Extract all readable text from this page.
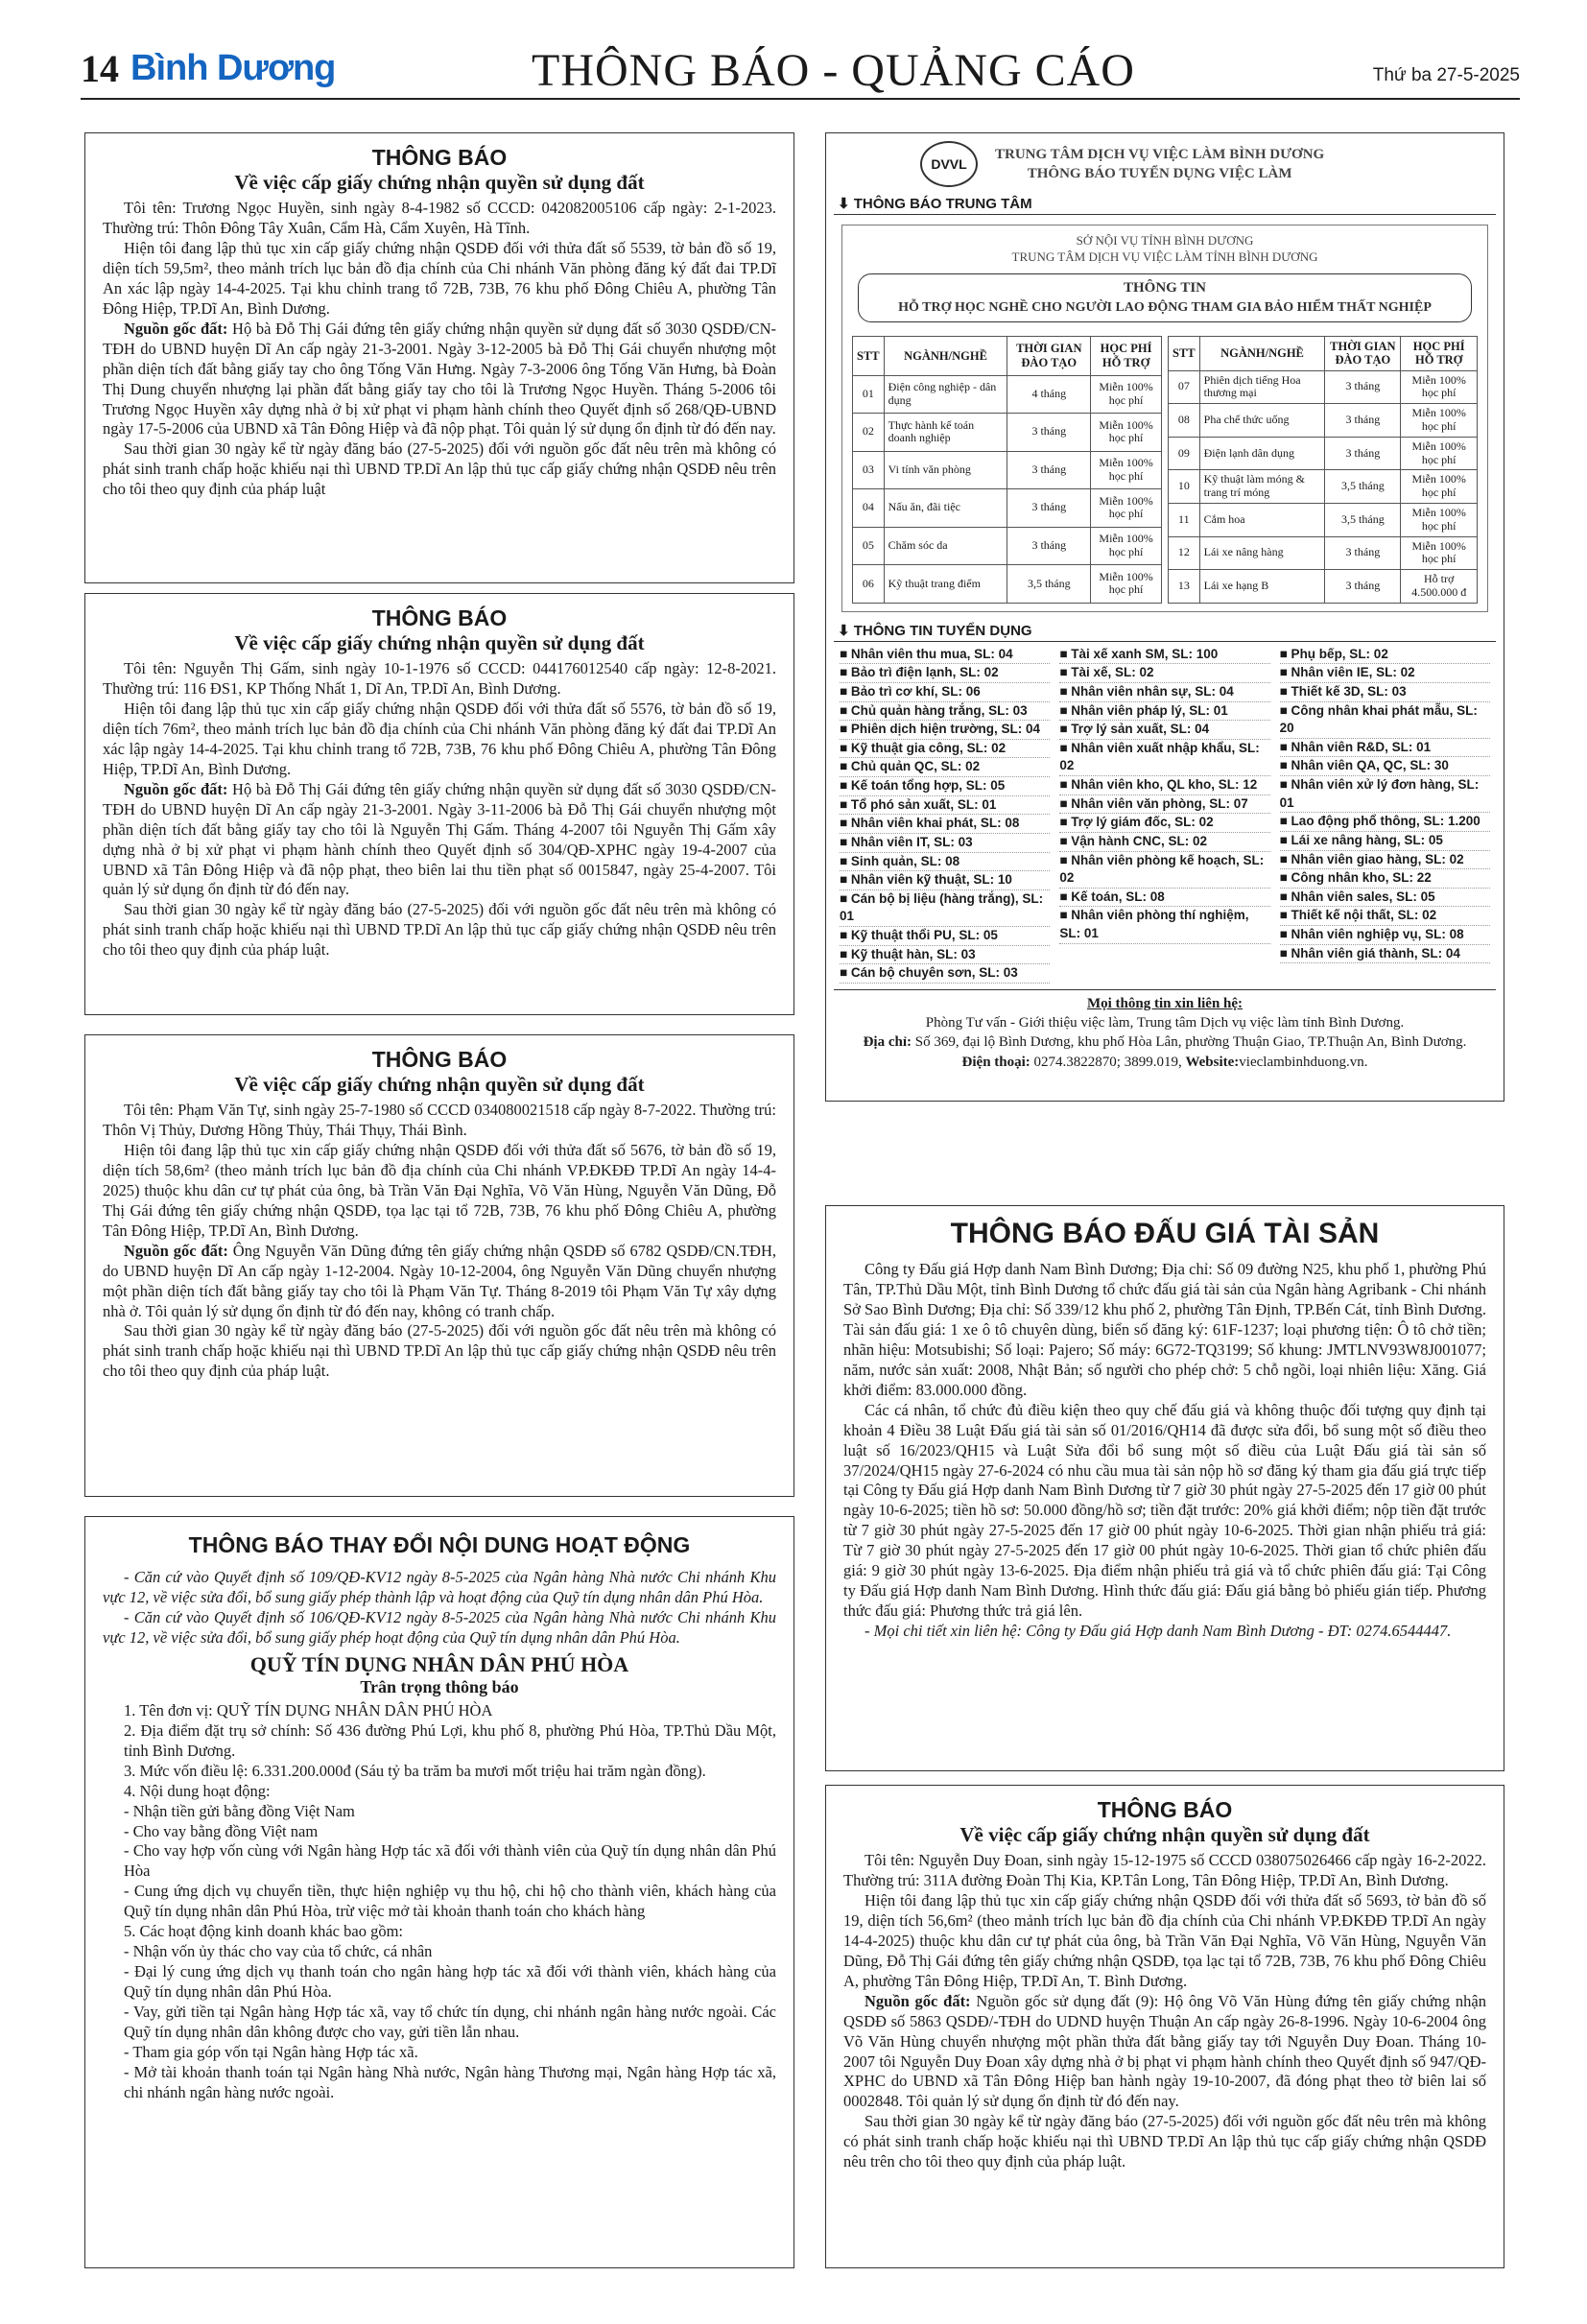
14 Bình Dương	THÔNG BÁO - QUẢNG CÁO	Thứ ba 27-5-2025
THÔNG BÁO
Về việc cấp giấy chứng nhận quyền sử dụng đất

Tôi tên: Trương Ngọc Huyền, sinh ngày 8-4-1982 số CCCD: 042082005106 cấp ngày: 2-1-2023. Thường trú: Thôn Đông Tây Xuân, Cẩm Hà, Cẩm Xuyên, Hà Tĩnh.

Hiện tôi đang lập thủ tục xin cấp giấy chứng nhận QSDĐ đối với thửa đất số 5539, tờ bản đồ số 19, diện tích 59,5m², theo mảnh trích lục bản đồ địa chính của Chi nhánh Văn phòng đăng ký đất đai TP.Dĩ An xác lập ngày 14-4-2025. Tại khu chỉnh trang tổ 72B, 73B, 76 khu phố Đông Chiêu A, phường Tân Đông Hiệp, TP.Dĩ An, Bình Dương.

Nguồn gốc đất: Hộ bà Đỗ Thị Gái đứng tên giấy chứng nhận quyền sử dụng đất số 3030 QSDĐ/CN-TĐH do UBND huyện Dĩ An cấp ngày 21-3-2001. Ngày 3-12-2005 bà Đỗ Thị Gái chuyển nhượng một phần diện tích đất bằng giấy tay cho ông Tống Văn Hưng. Ngày 7-3-2006 ông Tống Văn Hưng, bà Đoàn Thị Dung chuyển nhượng lại phần đất bằng giấy tay cho tôi là Trương Ngọc Huyền. Tháng 5-2006 tôi Trương Ngọc Huyền xây dựng nhà ở bị xử phạt vi phạm hành chính theo Quyết định số 268/QĐ-UBND ngày 17-5-2006 của UBND xã Tân Đông Hiệp và đã nộp phạt. Tôi quản lý sử dụng ổn định từ đó đến nay.

Sau thời gian 30 ngày kể từ ngày đăng báo (27-5-2025) đối với nguồn gốc đất nêu trên mà không có phát sinh tranh chấp hoặc khiếu nại thì UBND TP.Dĩ An lập thủ tục cấp giấy chứng nhận QSDĐ nêu trên cho tôi theo quy định của pháp luật

THÔNG BÁO
Về việc cấp giấy chứng nhận quyền sử dụng đất

Tôi tên: Nguyễn Thị Gấm, sinh ngày 10-1-1976 số CCCD: 044176012540 cấp ngày: 12-8-2021. Thường trú: 116 ĐS1, KP Thống Nhất 1, Dĩ An, TP.Dĩ An, Bình Dương.

Hiện tôi đang lập thủ tục xin cấp giấy chứng nhận QSDĐ đối với thửa đất số 5576, tờ bản đồ số 19, diện tích 76m², theo mảnh trích lục bản đồ địa chính của Chi nhánh Văn phòng đăng ký đất đai TP.Dĩ An xác lập ngày 14-4-2025. Tại khu chỉnh trang tổ 72B, 73B, 76 khu phố Đông Chiêu A, phường Tân Đông Hiệp, TP.Dĩ An, Bình Dương.

Nguồn gốc đất: Hộ bà Đỗ Thị Gái đứng tên giấy chứng nhận quyền sử dụng đất số 3030 QSDĐ/CN-TĐH do UBND huyện Dĩ An cấp ngày 21-3-2001. Ngày 3-11-2006 bà Đỗ Thị Gái chuyển nhượng một phần diện tích đất bằng giấy tay cho tôi là Nguyễn Thị Gấm. Tháng 4-2007 tôi Nguyễn Thị Gấm xây dựng nhà ở bị xử phạt vi phạm hành chính theo Quyết định số 304/QĐ-XPHC ngày 19-4-2007 của UBND xã Tân Đông Hiệp và đã nộp phạt, theo biên lai thu tiền phạt số 0015847, ngày 25-4-2007. Tôi quản lý sử dụng ổn định từ đó đến nay.

Sau thời gian 30 ngày kể từ ngày đăng báo (27-5-2025) đối với nguồn gốc đất nêu trên mà không có phát sinh tranh chấp hoặc khiếu nại thì UBND TP.Dĩ An lập thủ tục cấp giấy chứng nhận QSDĐ nêu trên cho tôi theo quy định của pháp luật.

THÔNG BÁO
Về việc cấp giấy chứng nhận quyền sử dụng đất

Tôi tên: Phạm Văn Tự, sinh ngày 25-7-1980 số CCCD 034080021518 cấp ngày 8-7-2022. Thường trú: Thôn Vị Thủy, Dương Hồng Thủy, Thái Thụy, Thái Bình.

Hiện tôi đang lập thủ tục xin cấp giấy chứng nhận QSDĐ đối với thửa đất số 5676, tờ bản đồ số 19, diện tích 58,6m² (theo mảnh trích lục bản đồ địa chính của Chi nhánh VP.ĐKĐĐ TP.Dĩ An ngày 14-4-2025) thuộc khu dân cư tự phát của ông, bà Trần Văn Đại Nghĩa, Võ Văn Hùng, Nguyễn Văn Dũng, Đỗ Thị Gái đứng tên giấy chứng nhận QSDĐ, tọa lạc tại tổ 72B, 73B, 76 khu phố Đông Chiêu A, phường Tân Đông Hiệp, TP.Dĩ An, Bình Dương.

Nguồn gốc đất: Ông Nguyễn Văn Dũng đứng tên giấy chứng nhận QSDĐ số 6782 QSDĐ/CN.TĐH, do UBND huyện Dĩ An cấp ngày 1-12-2004. Ngày 10-12-2004, ông Nguyễn Văn Dũng chuyển nhượng một phần diện tích đất bằng giấy tay cho tôi là Phạm Văn Tự. Tháng 8-2019 tôi Phạm Văn Tự xây dựng nhà ở. Tôi quản lý sử dụng ổn định từ đó đến nay, không có tranh chấp.

Sau thời gian 30 ngày kể từ ngày đăng báo (27-5-2025) đối với nguồn gốc đất nêu trên mà không có phát sinh tranh chấp hoặc khiếu nại thì UBND TP.Dĩ An lập thủ tục cấp giấy chứng nhận QSDĐ nêu trên cho tôi theo quy định của pháp luật.

THÔNG BÁO THAY ĐỔI NỘI DUNG HOẠT ĐỘNG

- Căn cứ vào Quyết định số 109/QĐ-KV12 ngày 8-5-2025 của Ngân hàng Nhà nước Chi nhánh Khu vực 12, về việc sửa đổi, bổ sung giấy phép thành lập và hoạt động của Quỹ tín dụng nhân dân Phú Hòa.

- Căn cứ vào Quyết định số 106/QĐ-KV12 ngày 8-5-2025 của Ngân hàng Nhà nước Chi nhánh Khu vực 12, về việc sửa đổi, bổ sung giấy phép hoạt động của Quỹ tín dụng nhân dân Phú Hòa.

QUỸ TÍN DỤNG NHÂN DÂN PHÚ HÒA
Trân trọng thông báo

1. Tên đơn vị: QUỸ TÍN DỤNG NHÂN DÂN PHÚ HÒA

2. Địa điểm đặt trụ sở chính: Số 436 đường Phú Lợi, khu phố 8, phường Phú Hòa, TP.Thủ Dầu Một, tỉnh Bình Dương.

3. Mức vốn điều lệ: 6.331.200.000đ (Sáu tỷ ba trăm ba mươi mốt triệu hai trăm ngàn đồng).

4. Nội dung hoạt động:

- Nhận tiền gửi bằng đồng Việt Nam

- Cho vay bằng đồng Việt nam

- Cho vay hợp vốn cùng với Ngân hàng Hợp tác xã đối với thành viên của Quỹ tín dụng nhân dân Phú Hòa

- Cung ứng dịch vụ chuyển tiền, thực hiện nghiệp vụ thu hộ, chi hộ cho thành viên, khách hàng của Quỹ tín dụng nhân dân Phú Hòa, trừ việc mở tài khoản thanh toán cho khách hàng

5. Các hoạt động kinh doanh khác bao gồm:

- Nhận vốn ủy thác cho vay của tổ chức, cá nhân

- Đại lý cung ứng dịch vụ thanh toán cho ngân hàng hợp tác xã đối với thành viên, khách hàng của Quỹ tín dụng nhân dân Phú Hòa.

- Vay, gửi tiền tại Ngân hàng Hợp tác xã, vay tổ chức tín dụng, chi nhánh ngân hàng nước ngoài. Các Quỹ tín dụng nhân dân không được cho vay, gửi tiền lẫn nhau.

- Tham gia góp vốn tại Ngân hàng Hợp tác xã.

- Mở tài khoản thanh toán tại Ngân hàng Nhà nước, Ngân hàng Thương mại, Ngân hàng Hợp tác xã, chi nhánh ngân hàng nước ngoài.

DVVL
TRUNG TÂM DỊCH VỤ VIỆC LÀM BÌNH DƯƠNG
THÔNG BÁO TUYỂN DỤNG VIỆC LÀM
⬇ THÔNG BÁO TRUNG TÂM
SỞ NỘI VỤ TỈNH BÌNH DƯƠNG
TRUNG TÂM DỊCH VỤ VIỆC LÀM TỈNH BÌNH DƯƠNG
THÔNG TIN
HỖ TRỢ HỌC NGHỀ CHO NGƯỜI LAO ĐỘNG THAM GIA BẢO HIỂM THẤT NGHIỆP
STT	NGÀNH/NGHỀ	THỜI GIAN ĐÀO TẠO	HỌC PHÍ HỖ TRỢ
01	Điện công nghiệp - dân dụng	4 tháng	Miễn 100% học phí
02	Thực hành kế toán doanh nghiệp	3 tháng	Miễn 100% học phí
03	Vi tính văn phòng	3 tháng	Miễn 100% học phí
04	Nấu ăn, đãi tiệc	3 tháng	Miễn 100% học phí
05	Chăm sóc da	3 tháng	Miễn 100% học phí
06	Kỹ thuật trang điểm	3,5 tháng	Miễn 100% học phí
STT	NGÀNH/NGHỀ	THỜI GIAN ĐÀO TẠO	HỌC PHÍ HỖ TRỢ
07	Phiên dịch tiếng Hoa thương mại	3 tháng	Miễn 100% học phí
08	Pha chế thức uống	3 tháng	Miễn 100% học phí
09	Điện lạnh dân dụng	3 tháng	Miễn 100% học phí
10	Kỹ thuật làm móng & trang trí móng	3,5 tháng	Miễn 100% học phí
11	Cắm hoa	3,5 tháng	Miễn 100% học phí
12	Lái xe nâng hàng	3 tháng	Miễn 100% học phí
13	Lái xe hạng B	3 tháng	Hỗ trợ 4.500.000 đ
⬇ THÔNG TIN TUYỂN DỤNG
■ Nhân viên thu mua, SL: 04
■ Bảo trì điện lạnh, SL: 02
■ Bảo trì cơ khí, SL: 06
■ Chủ quản hàng trắng, SL: 03
■ Phiên dịch hiện trường, SL: 04
■ Kỹ thuật gia công, SL: 02
■ Chủ quản QC, SL: 02
■ Kế toán tổng hợp, SL: 05
■ Tổ phó sản xuất, SL: 01
■ Nhân viên khai phát, SL: 08
■ Nhân viên IT, SL: 03
■ Sinh quản, SL: 08
■ Nhân viên kỹ thuật, SL: 10
■ Cán bộ bị liệu (hàng trắng), SL: 01
■ Kỹ thuật thổi PU, SL: 05
■ Kỹ thuật hàn, SL: 03
■ Cán bộ chuyên sơn, SL: 03
■ Tài xế xanh SM, SL: 100
■ Tài xế, SL: 02
■ Nhân viên nhân sự, SL: 04
■ Nhân viên pháp lý, SL: 01
■ Trợ lý sản xuất, SL: 04
■ Nhân viên xuất nhập khẩu, SL: 02
■ Nhân viên kho, QL kho, SL: 12
■ Nhân viên văn phòng, SL: 07
■ Trợ lý giám đốc, SL: 02
■ Vận hành CNC, SL: 02
■ Nhân viên phòng kế hoạch, SL: 02
■ Kế toán, SL: 08
■ Nhân viên phòng thí nghiệm, SL: 01
■ Phụ bếp, SL: 02
■ Nhân viên IE, SL: 02
■ Thiết kế 3D, SL: 03
■ Công nhân khai phát mẫu, SL: 20
■ Nhân viên R&D, SL: 01
■ Nhân viên QA, QC, SL: 30
■ Nhân viên xử lý đơn hàng, SL: 01
■ Lao động phổ thông, SL: 1.200
■ Lái xe nâng hàng, SL: 05
■ Nhân viên giao hàng, SL: 02
■ Công nhân kho, SL: 22
■ Nhân viên sales, SL: 05
■ Thiết kế nội thất, SL: 02
■ Nhân viên nghiệp vụ, SL: 08
■ Nhân viên giá thành, SL: 04
Mọi thông tin xin liên hệ:
Phòng Tư vấn - Giới thiệu việc làm, Trung tâm Dịch vụ việc làm tỉnh Bình Dương.
Địa chỉ: Số 369, đại lộ Bình Dương, khu phố Hòa Lân, phường Thuận Giao, TP.Thuận An, Bình Dương.
Điện thoại: 0274.3822870; 3899.019, Website:vieclambinhduong.vn.
THÔNG BÁO ĐẤU GIÁ TÀI SẢN

Công ty Đấu giá Hợp danh Nam Bình Dương; Địa chỉ: Số 09 đường N25, khu phố 1, phường Phú Tân, TP.Thủ Dầu Một, tỉnh Bình Dương tổ chức đấu giá tài sản của Ngân hàng Agribank - Chi nhánh Sở Sao Bình Dương; Địa chỉ: Số 339/12 khu phố 2, phường Tân Định, TP.Bến Cát, tỉnh Bình Dương. Tài sản đấu giá: 1 xe ô tô chuyên dùng, biển số đăng ký: 61F-1237; loại phương tiện: Ô tô chở tiền; nhãn hiệu: Motsubishi; Số loại: Pajero; Số máy: 6G72-TQ3199; Số khung: JMTLNV93W8J001077; năm, nước sản xuất: 2008, Nhật Bản; số người cho phép chở: 5 chỗ ngồi, loại nhiên liệu: Xăng. Giá khởi điểm: 83.000.000 đồng.

Các cá nhân, tổ chức đủ điều kiện theo quy chế đấu giá và không thuộc đối tượng quy định tại khoản 4 Điều 38 Luật Đấu giá tài sản số 01/2016/QH14 đã được sửa đổi, bổ sung một số điều theo luật số 16/2023/QH15 và Luật Sửa đổi bổ sung một số điều của Luật Đấu giá tài sản số 37/2024/QH15 ngày 27-6-2024 có nhu cầu mua tài sản nộp hồ sơ đăng ký tham gia đấu giá trực tiếp tại Công ty Đấu giá Hợp danh Nam Bình Dương từ 7 giờ 30 phút ngày 27-5-2025 đến 17 giờ 00 phút ngày 10-6-2025; tiền hồ sơ: 50.000 đồng/hồ sơ; tiền đặt trước: 20% giá khởi điểm; nộp tiền đặt trước từ 7 giờ 30 phút ngày 27-5-2025 đến 17 giờ 00 phút ngày 10-6-2025. Thời gian nhận phiếu trả giá: Từ 7 giờ 30 phút ngày 27-5-2025 đến 17 giờ 00 phút ngày 10-6-2025. Thời gian tổ chức phiên đấu giá: 9 giờ 30 phút ngày 13-6-2025. Địa điểm nhận phiếu trả giá và tổ chức phiên đấu giá: Tại Công ty Đấu giá Hợp danh Nam Bình Dương. Hình thức đấu giá: Đấu giá bằng bỏ phiếu gián tiếp. Phương thức đấu giá: Phương thức trả giá lên.

- Mọi chi tiết xin liên hệ: Công ty Đấu giá Hợp danh Nam Bình Dương - ĐT: 0274.6544447.

THÔNG BÁO
Về việc cấp giấy chứng nhận quyền sử dụng đất

Tôi tên: Nguyễn Duy Đoan, sinh ngày 15-12-1975 số CCCD 038075026466 cấp ngày 16-2-2022. Thường trú: 311A đường Đoàn Thị Kia, KP.Tân Long, Tân Đông Hiệp, TP.Dĩ An, Bình Dương.

Hiện tôi đang lập thủ tục xin cấp giấy chứng nhận QSDĐ đối với thửa đất số 5693, tờ bản đồ số 19, diện tích 56,6m² (theo mảnh trích lục bản đồ địa chính của Chi nhánh VP.ĐKĐĐ TP.Dĩ An ngày 14-4-2025) thuộc khu dân cư tự phát của ông, bà Trần Văn Đại Nghĩa, Võ Văn Hùng, Nguyễn Văn Dũng, Đỗ Thị Gái đứng tên giấy chứng nhận QSDĐ, tọa lạc tại tổ 72B, 73B, 76 khu phố Đông Chiêu A, phường Tân Đông Hiệp, TP.Dĩ An, T. Bình Dương.

Nguồn gốc đất: Nguồn gốc sử dụng đất (9): Hộ ông Võ Văn Hùng đứng tên giấy chứng nhận QSDĐ số 5863 QSDĐ/-TĐH do UDND huyện Thuận An cấp ngày 26-8-1996. Ngày 10-6-2004 ông Võ Văn Hùng chuyển nhượng một phần thửa đất bằng giấy tay tới Nguyễn Duy Đoan. Tháng 10-2007 tôi Nguyễn Duy Đoan xây dựng nhà ở bị phạt vi phạm hành chính theo Quyết định số 947/QĐ-XPHC do UBND xã Tân Đông Hiệp ban hành ngày 19-10-2007, đã đóng phạt theo tờ biên lai số 0002848. Tôi quản lý sử dụng ổn định từ đó đến nay.

Sau thời gian 30 ngày kể từ ngày đăng báo (27-5-2025) đối với nguồn gốc đất nêu trên mà không có phát sinh tranh chấp hoặc khiếu nại thì UBND TP.Dĩ An lập thủ tục cấp giấy chứng nhận QSDĐ nêu trên cho tôi theo quy định của pháp luật.
